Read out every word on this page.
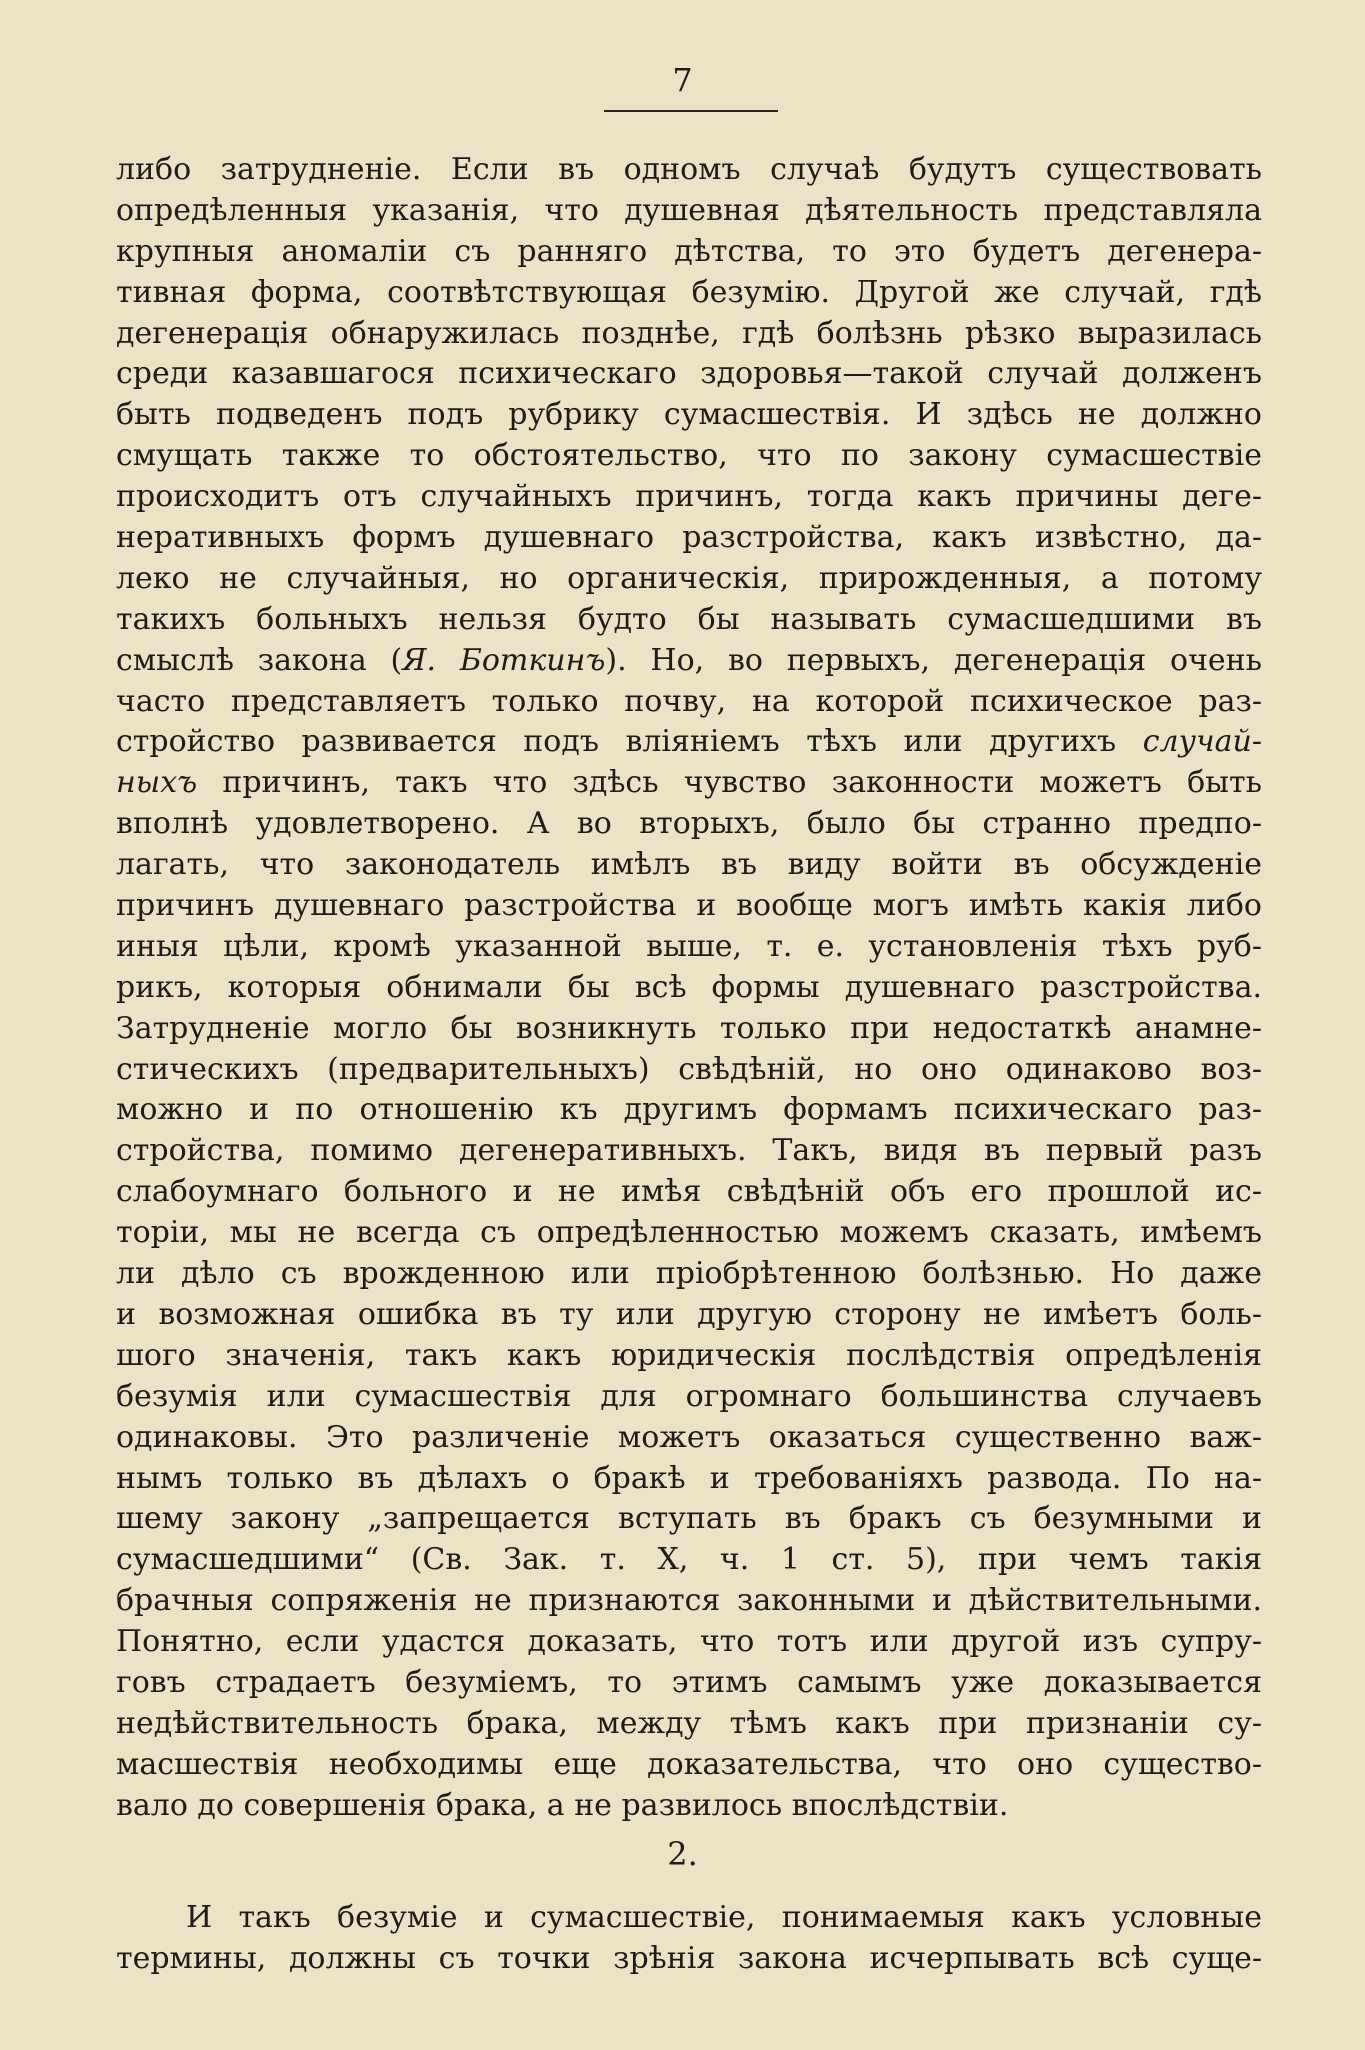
7
либо затрудненіе. Если въ одномъ случаѣ будутъ существовать
опредѣленныя указанія, что душевная дѣятельность представляла
крупныя аномаліи съ ранняго дѣтства, то это будетъ дегенера-
тивная форма, соотвѣтствующая безумію. Другой же случай, гдѣ
дегенерація обнаружилась позднѣе, гдѣ болѣзнь рѣзко выразилась
среди казавшагося психическаго здоровья—такой случай долженъ
быть подведенъ подъ рубрику сумасшествія. И здѣсь не должно
смущать также то обстоятельство, что по закону сумасшествіе
происходитъ отъ случайныхъ причинъ, тогда какъ причины деге-
неративныхъ формъ душевнаго разстройства, какъ извѣстно, да-
леко не случайныя, но органическія, прирожденныя, а потому
такихъ больныхъ нельзя будто бы называть сумасшедшими въ
смыслѣ закона (Я. Боткинъ). Но, во первыхъ, дегенерація очень
часто представляетъ только почву, на которой психическое раз-
стройство развивается подъ вліяніемъ тѣхъ или другихъ случай-
ныхъ причинъ, такъ что здѣсь чувство законности можетъ быть
вполнѣ удовлетворено. А во вторыхъ, было бы странно предпо-
лагать, что законодатель имѣлъ въ виду войти въ обсужденіе
причинъ душевнаго разстройства и вообще могъ имѣть какія либо
иныя цѣли, кромѣ указанной выше, т. е. установленія тѣхъ руб-
рикъ, которыя обнимали бы всѣ формы душевнаго разстройства.
Затрудненіе могло бы возникнуть только при недостаткѣ анамне-
стическихъ (предварительныхъ) свѣдѣній, но оно одинаково воз-
можно и по отношенію къ другимъ формамъ психическаго раз-
стройства, помимо дегенеративныхъ. Такъ, видя въ первый разъ
слабоумнаго больного и не имѣя свѣдѣній объ его прошлой ис-
торіи, мы не всегда съ опредѣленностью можемъ сказать, имѣемъ
ли дѣло съ врожденною или пріобрѣтенною болѣзнью. Но даже
и возможная ошибка въ ту или другую сторону не имѣетъ боль-
шого значенія, такъ какъ юридическія послѣдствія опредѣленія
безумія или сумасшествія для огромнаго большинства случаевъ
одинаковы. Это различеніе можетъ оказаться существенно важ-
нымъ только въ дѣлахъ о бракѣ и требованіяхъ развода. По на-
шему закону „запрещается вступать въ бракъ съ безумными и
сумасшедшими“ (Св. Зак. т. X, ч. 1 ст. 5), при чемъ такія
брачныя сопряженія не признаются законными и дѣйствительными.
Понятно, если удастся доказать, что тотъ или другой изъ супру-
говъ страдаетъ безуміемъ, то этимъ самымъ уже доказывается
недѣйствительность брака, между тѣмъ какъ при признаніи су-
масшествія необходимы еще доказательства, что оно существо-
вало до совершенія брака, а не развилось впослѣдствіи.
2.
И такъ безуміе и сумасшествіе, понимаемыя какъ условные
термины, должны съ точки зрѣнія закона исчерпывать всѣ суще-
